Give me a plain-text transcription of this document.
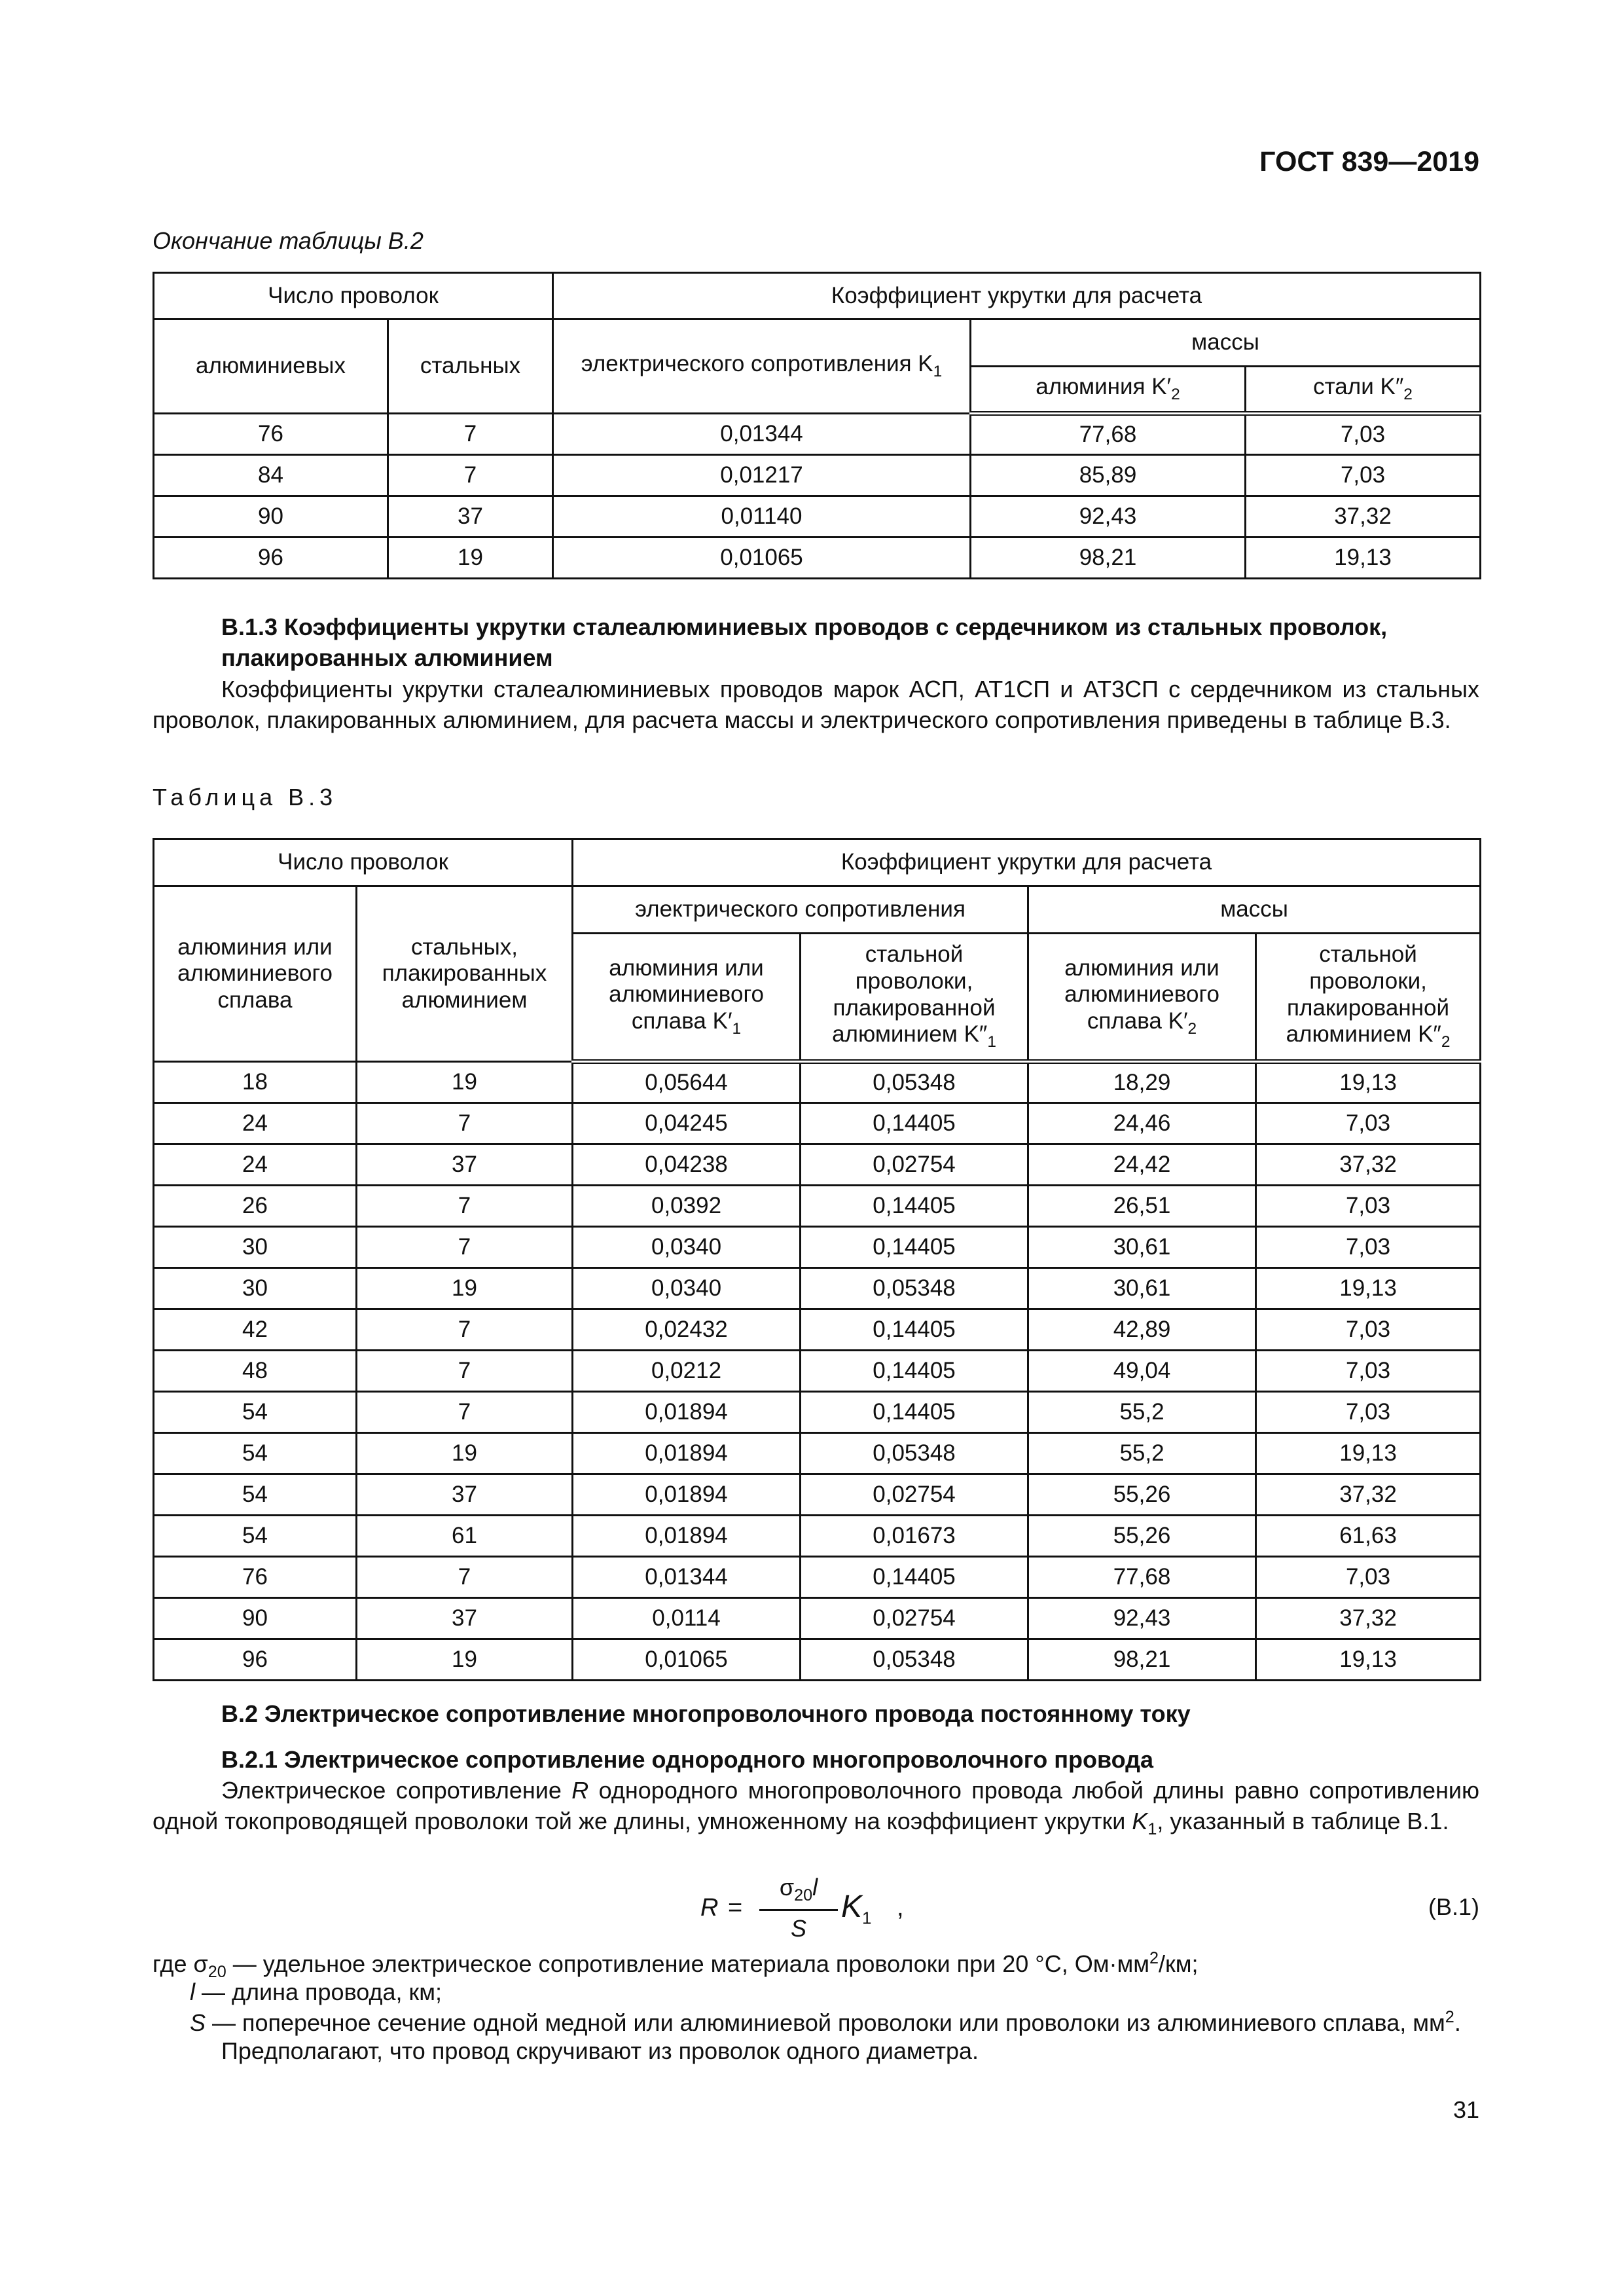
ГОСТ 839—2019
Окончание таблицы В.2
Число проволок		Коэффициент укрутки для расчета		
алюминиевых	стальных	электрического сопротивления $K_1$	массы	
			алюминия $K'_2$	стали $K''_2$
76	7	0,01344	77,68	7,03
84	7	0,01217	85,89	7,03
90	37	0,01140	92,43	37,32
96	19	0,01065	98,21	19,13
В.1.3 Коэффициенты укрутки сталеалюминиевых проводов с сердечником из стальных проволок,
плакированных алюминием
Коэффициенты укрутки сталеалюминиевых проводов марок АСП, АТ1СП и АТ3СП с сердечником из стальных проволок, плакированных алюминием, для расчета массы и электрического сопротивления приведены в таблице В.3.
Таблица В.3
Число проволок		Коэффициент укрутки для расчета			
алюминия или алюминиевого сплава	стальных, плакированных алюминием	электрического сопротивления		массы	
		алюминия или алюминиевого сплава $K'_1$	стальной проволоки, плакированной алюминием $K''_1$	алюминия или алюминиевого сплава $K'_2$	стальной проволоки, плакированной алюминием $K''_2$
18	19	0,05644	0,05348	18,29	19,13
24	7	0,04245	0,14405	24,46	7,03
24	37	0,04238	0,02754	24,42	37,32
26	7	0,0392	0,14405	26,51	7,03
30	7	0,0340	0,14405	30,61	7,03
30	19	0,0340	0,05348	30,61	19,13
42	7	0,02432	0,14405	42,89	7,03
48	7	0,0212	0,14405	49,04	7,03
54	7	0,01894	0,14405	55,2	7,03
54	19	0,01894	0,05348	55,2	19,13
54	37	0,01894	0,02754	55,26	37,32
54	61	0,01894	0,01673	55,26	61,63
76	7	0,01344	0,14405	77,68	7,03
90	37	0,0114	0,02754	92,43	37,32
96	19	0,01065	0,05348	98,21	19,13
В.2 Электрическое сопротивление многопроволочного провода постоянному току
В.2.1 Электрическое сопротивление однородного многопроволочного провода
Электрическое сопротивление R однородного многопроволочного провода любой длины равно сопротивлению одной токопроводящей проволоки той же длины, умноженному на коэффициент укрутки $K_1$, указанный в таблице В.1.
R =
$\sigma_{20}l$
S
$K_1$ ,	(В.1)
где $\sigma_{20}$ — удельное электрическое сопротивление материала проволоки при 20 °С, $Ом\cdot мм^2/км$;
l — длина провода, км;
S — поперечное сечение одной медной или алюминиевой проволоки или проволоки из алюминиевого сплава, $мм^2$.
Предполагают, что провод скручивают из проволок одного диаметра.
31
